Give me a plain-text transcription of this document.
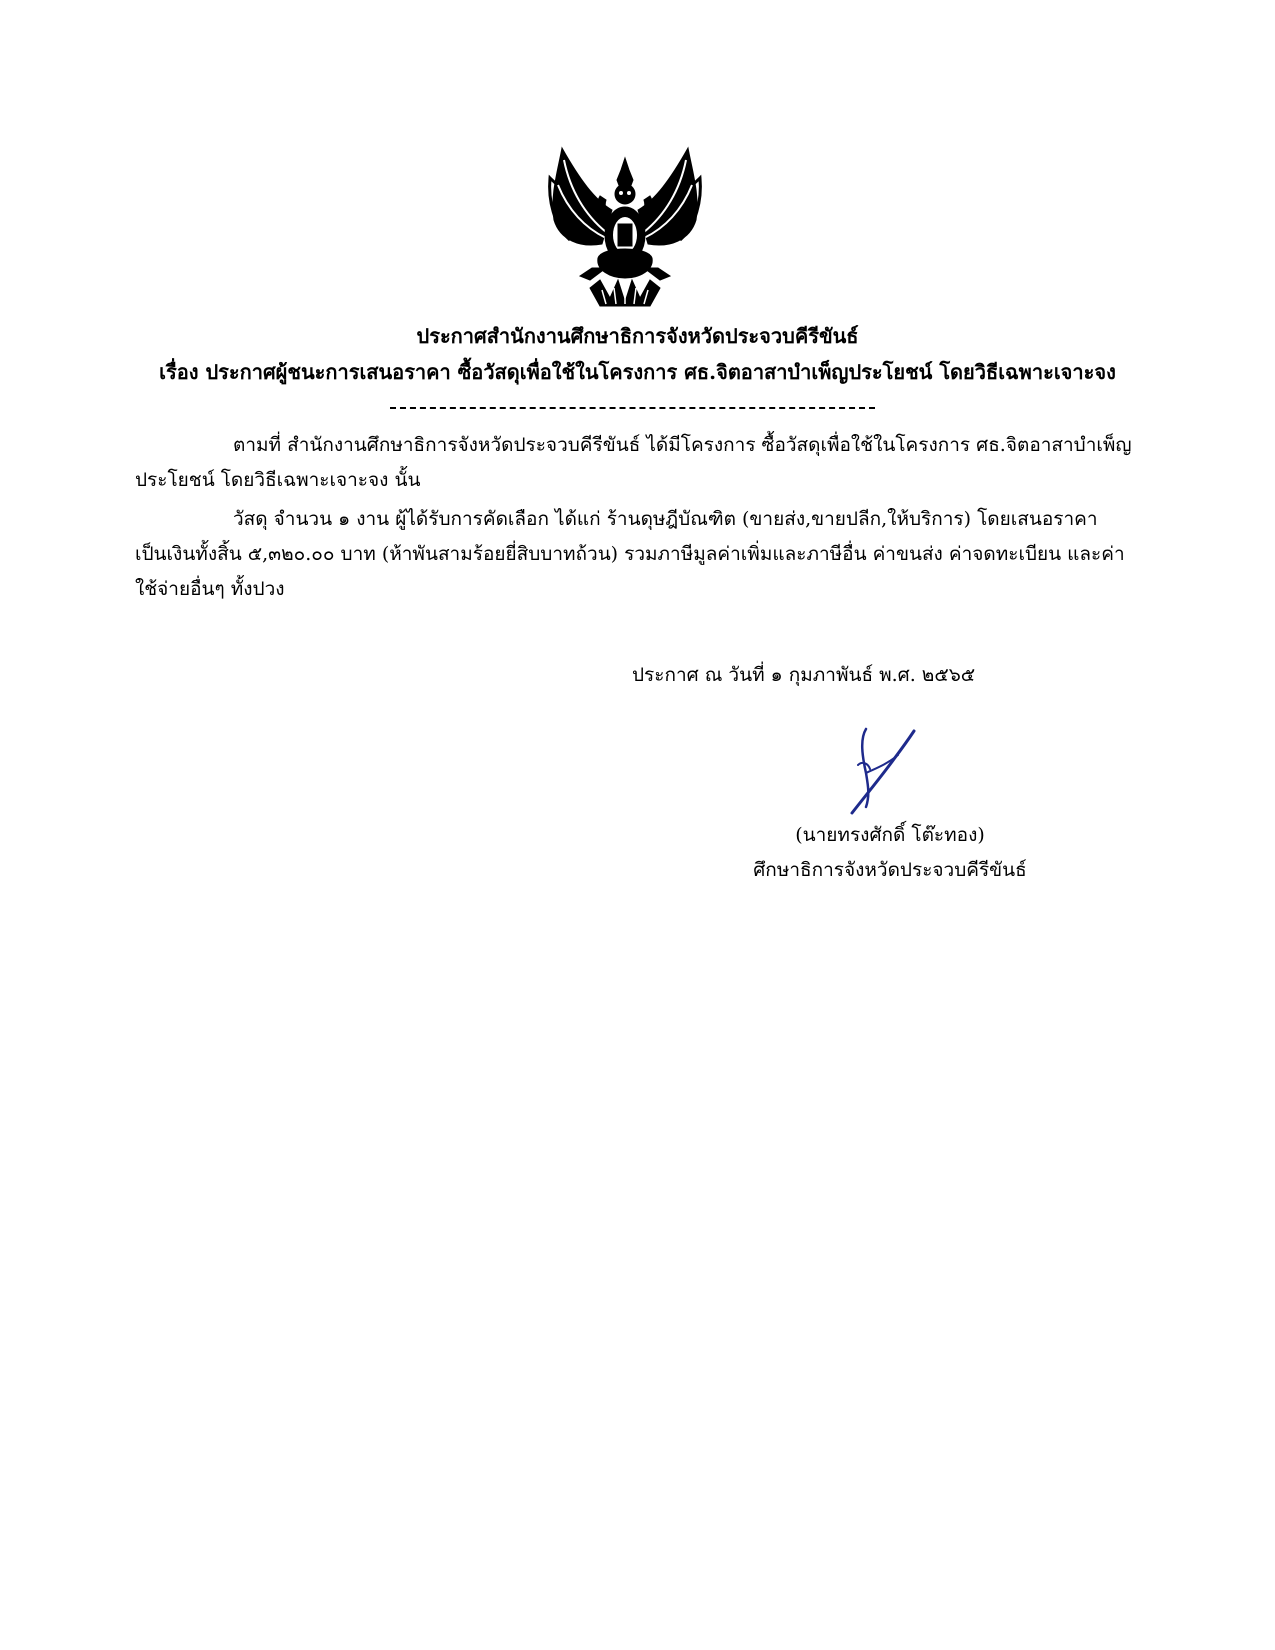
ประกาศสำนักงานศึกษาธิการจังหวัดประจวบคีรีขันธ์
เรื่อง ประกาศผู้ชนะการเสนอราคา ซื้อวัสดุเพื่อใช้ในโครงการ ศธ.จิตอาสาบำเพ็ญประโยชน์ โดยวิธีเฉพาะเจาะจง

ตามที่ สำนักงานศึกษาธิการจังหวัดประจวบคีรีขันธ์ ได้มีโครงการ ซื้อวัสดุเพื่อใช้ในโครงการ ศธ.จิตอาสาบำเพ็ญประโยชน์ โดยวิธีเฉพาะเจาะจง นั้น

วัสดุ จำนวน ๑ งาน ผู้ได้รับการคัดเลือก ได้แก่ ร้านดุษฎีบัณฑิต (ขายส่ง,ขายปลีก,ให้บริการ) โดยเสนอราคา เป็นเงินทั้งสิ้น ๕,๓๒๐.๐๐ บาท (ห้าพันสามร้อยยี่สิบบาทถ้วน) รวมภาษีมูลค่าเพิ่มและภาษีอื่น ค่าขนส่ง ค่าจดทะเบียน และค่าใช้จ่ายอื่นๆ ทั้งปวง

ประกาศ ณ วันที่ ๑ กุมภาพันธ์ พ.ศ. ๒๕๖๕
(นายทรงศักดิ์ โต๊ะทอง)
ศึกษาธิการจังหวัดประจวบคีรีขันธ์
